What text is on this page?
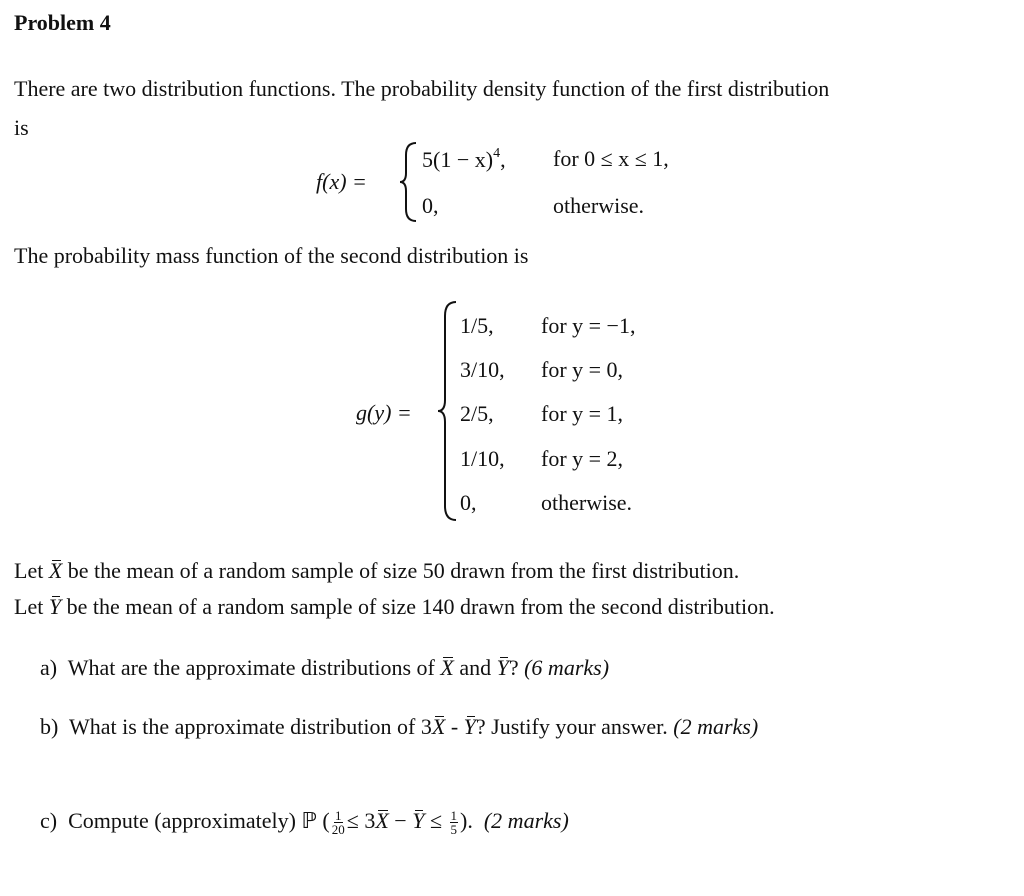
Problem 4
There are two distribution functions. The probability density function of the first distribution
is
f(x) =
$5(1 - x)^4$, for 0 ≤ x ≤ 1,
0,	otherwise.
The probability mass function of the second distribution is
g(y) =
1/5, for y = −1,
3/10, for y = 0,
2/5, for y = 1,
1/10, for y = 2,
0,	otherwise.
Let X be the mean of a random sample of size 50 drawn from the first distribution.
Let Y be the mean of a random sample of size 140 drawn from the second distribution.
a) What are the approximate distributions of X and Y? (6 marks)
b) What is the approximate distribution of 3X - Y? Justify your answer. (2 marks)
c) Compute (approximately) ℙ ( $\frac{1}{20} \le 3X - Y \le \frac{1}{5}$ ). (2 marks)
